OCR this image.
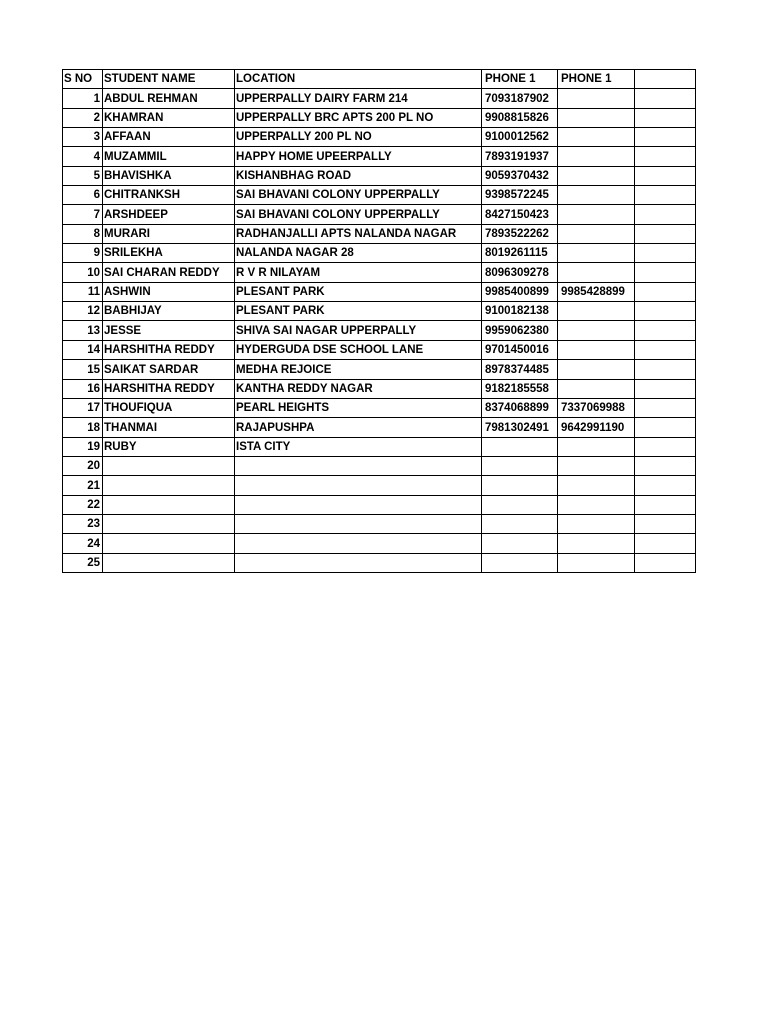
S NO	STUDENT NAME	LOCATION	PHONE 1	PHONE 1	
1	ABDUL REHMAN	UPPERPALLY DAIRY FARM 214	7093187902		
2	KHAMRAN	UPPERPALLY BRC APTS 200 PL NO	9908815826		
3	AFFAAN	UPPERPALLY 200 PL NO	9100012562		
4	MUZAMMIL	HAPPY HOME UPEERPALLY	7893191937		
5	BHAVISHKA	KISHANBHAG ROAD	9059370432		
6	CHITRANKSH	SAI BHAVANI COLONY UPPERPALLY	9398572245		
7	ARSHDEEP	SAI BHAVANI COLONY UPPERPALLY	8427150423		
8	MURARI	RADHANJALLI APTS NALANDA NAGAR	7893522262		
9	SRILEKHA	NALANDA NAGAR 28	8019261115		
10	SAI CHARAN REDDY	R V R NILAYAM	8096309278		
11	ASHWIN	PLESANT PARK	9985400899	9985428899	
12	BABHIJAY	PLESANT PARK	9100182138		
13	JESSE	SHIVA SAI NAGAR UPPERPALLY	9959062380		
14	HARSHITHA REDDY	HYDERGUDA DSE SCHOOL LANE	9701450016		
15	SAIKAT SARDAR	MEDHA REJOICE	8978374485		
16	HARSHITHA REDDY	KANTHA REDDY NAGAR	9182185558		
17	THOUFIQUA	PEARL HEIGHTS	8374068899	7337069988	
18	THANMAI	RAJAPUSHPA	7981302491	9642991190	
19	RUBY	ISTA CITY			
20					
21					
22					
23					
24					
25					
